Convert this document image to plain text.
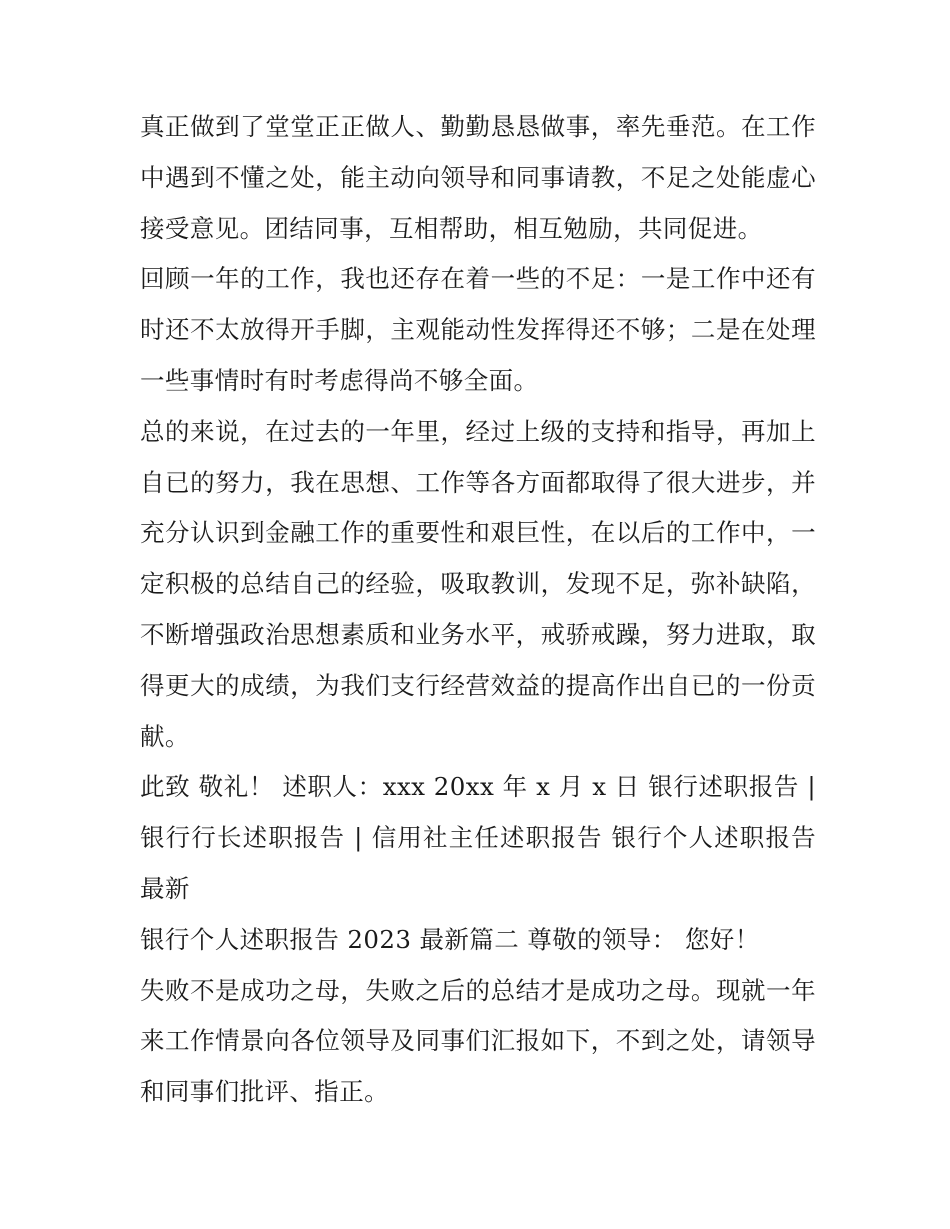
真正做到了堂堂正正做人、勤勤恳恳做事，率先垂范。在工作中遇到不懂之处，能主动向领导和同事请教，不足之处能虚心接受意见。团结同事，互相帮助，相互勉励，共同促进。

回顾一年的工作，我也还存在着一些的不足：一是工作中还有时还不太放得开手脚，主观能动性发挥得还不够；二是在处理一些事情时有时考虑得尚不够全面。

总的来说，在过去的一年里，经过上级的支持和指导，再加上自已的努力，我在思想、工作等各方面都取得了很大进步，并充分认识到金融工作的重要性和艰巨性，在以后的工作中，一定积极的总结自己的经验，吸取教训，发现不足，弥补缺陷，不断增强政治思想素质和业务水平，戒骄戒躁，努力进取，取得更大的成绩，为我们支行经营效益的提高作出自已的一份贡献。

此致 敬礼！ 述职人：xxx 20xx 年 x 月 x 日 银行述职报告 | 银行行长述职报告 | 信用社主任述职报告 银行个人述职报告最新

银行个人述职报告 2023 最新篇二 尊敬的领导： 您好！

失败不是成功之母，失败之后的总结才是成功之母。现就一年来工作情景向各位领导及同事们汇报如下，不到之处，请领导和同事们批评、指正。
